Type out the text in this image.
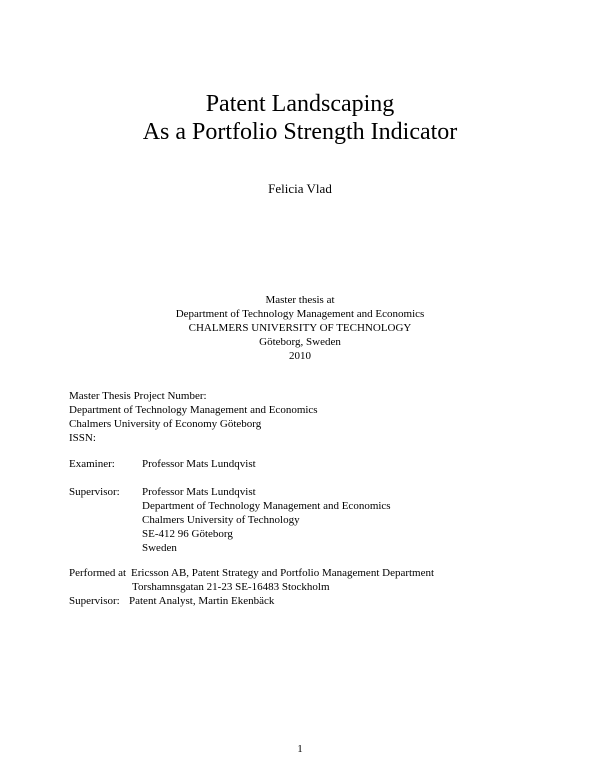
Patent Landscaping
As a Portfolio Strength Indicator
Felicia Vlad
Master thesis at
Department of Technology Management and Economics
CHALMERS UNIVERSITY OF TECHNOLOGY
Göteborg, Sweden
2010
Master Thesis Project Number:
Department of Technology Management and Economics
Chalmers University of Economy Göteborg
ISSN:
Examiner:	Professor Mats Lundqvist
Supervisor:	Professor Mats Lundqvist
Department of Technology Management and Economics
Chalmers University of Technology
SE-412 96 Göteborg
Sweden
Performed at Ericsson AB, Patent Strategy and Portfolio Management Department
Torshamnsgatan 21-23 SE-16483 Stockholm
Supervisor: Patent Analyst, Martin Ekenbäck
1
